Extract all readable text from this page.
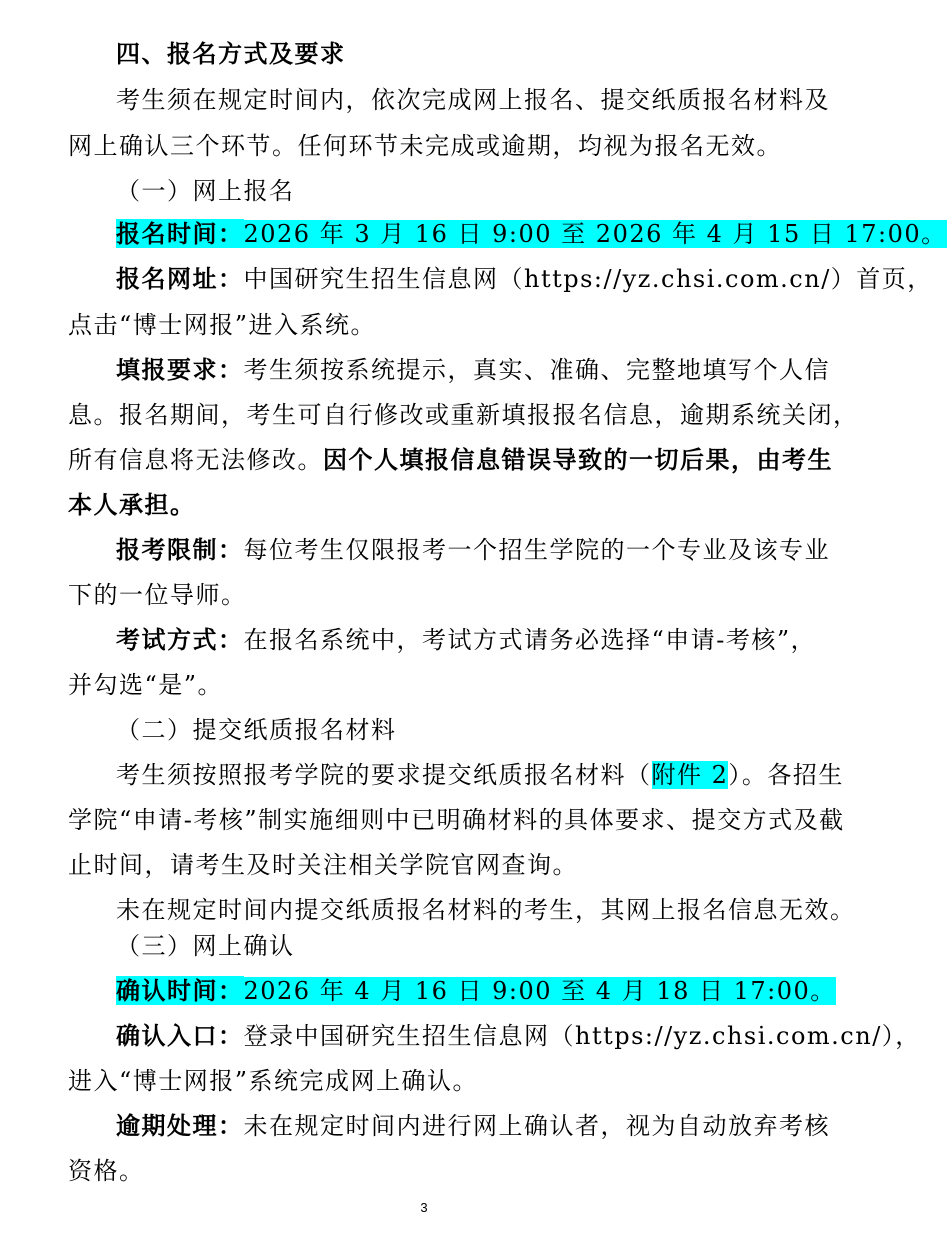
四、报名方式及要求
考生须在规定时间内，依次完成网上报名、提交纸质报名材料及
网上确认三个环节。任何环节未完成或逾期，均视为报名无效。
（一）网上报名
报名时间：2026 年 3 月 16 日 9:00 至 2026 年 4 月 15 日 17:00。
报名网址：中国研究生招生信息网（https://yz.chsi.com.cn/）首页，
点击“博士网报”进入系统。
填报要求：考生须按系统提示，真实、准确、完整地填写个人信
息。报名期间，考生可自行修改或重新填报报名信息，逾期系统关闭，
所有信息将无法修改。因个人填报信息错误导致的一切后果，由考生
本人承担。
报考限制：每位考生仅限报考一个招生学院的一个专业及该专业
下的一位导师。
考试方式：在报名系统中，考试方式请务必选择“申请-考核”，
并勾选“是”。
（二）提交纸质报名材料
考生须按照报考学院的要求提交纸质报名材料（附件 2）。各招生
学院“申请-考核”制实施细则中已明确材料的具体要求、提交方式及截
止时间，请考生及时关注相关学院官网查询。
未在规定时间内提交纸质报名材料的考生，其网上报名信息无效。
（三）网上确认
确认时间：2026 年 4 月 16 日 9:00 至 4 月 18 日 17:00。
确认入口：登录中国研究生招生信息网（https://yz.chsi.com.cn/），
进入“博士网报”系统完成网上确认。
逾期处理：未在规定时间内进行网上确认者，视为自动放弃考核
资格。
3
